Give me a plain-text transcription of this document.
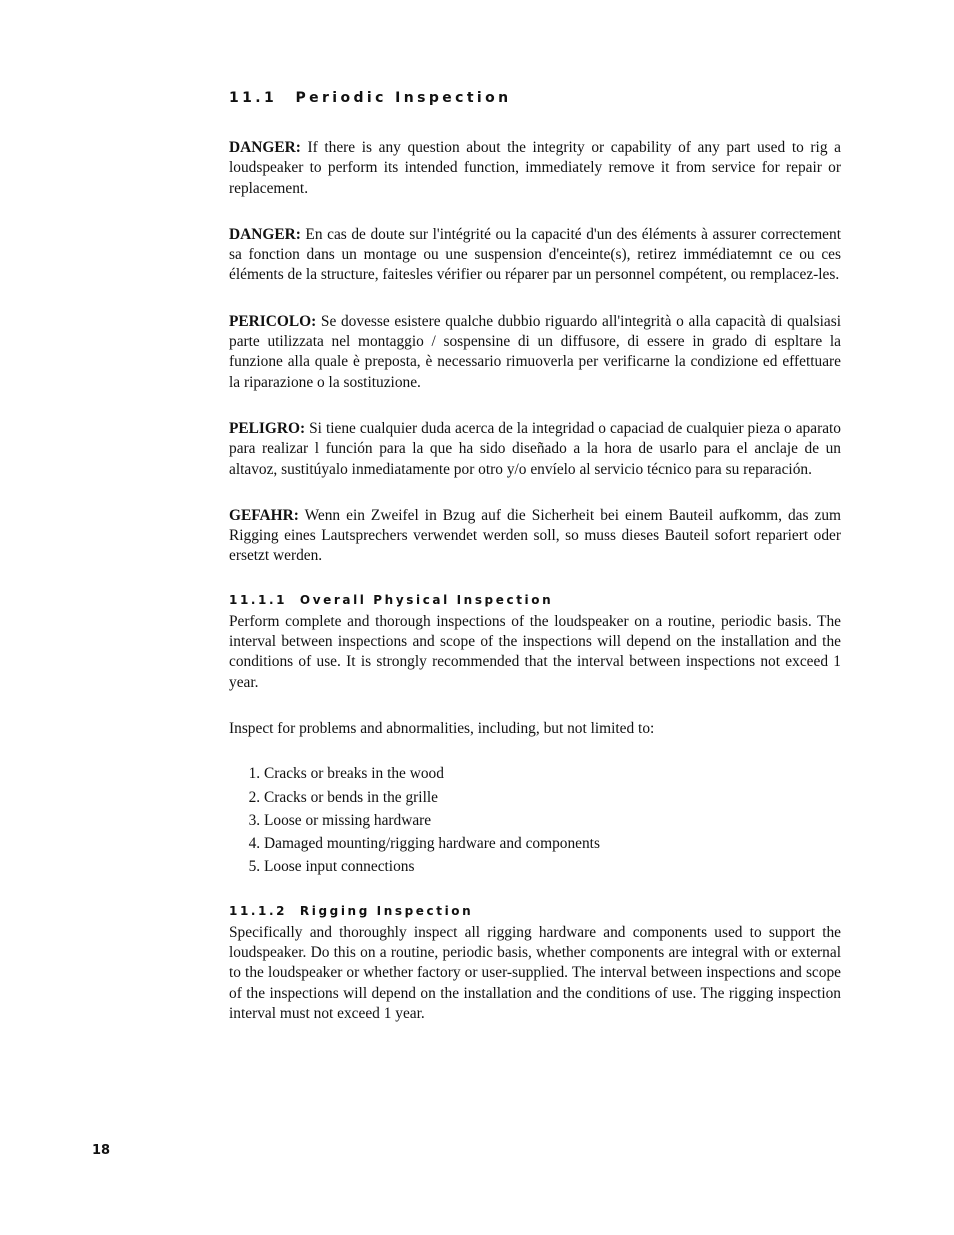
11.1 Periodic Inspection

DANGER: If there is any question about the integrity or capability of any part used to rig a loudspeaker to perform its intended function, immediately remove it from service for repair or replacement.

DANGER: En cas de doute sur l'intégrité ou la capacité d'un des éléments à assurer correctement sa fonction dans un montage ou une suspension d'enceinte(s), retirez immédiatemnt ce ou ces éléments de la structure, faitesles vérifier ou réparer par un personnel compétent, ou remplacez-les.

PERICOLO: Se dovesse esistere qualche dubbio riguardo all'integrità o alla capacità di qualsiasi parte utilizzata nel montaggio / sospensine di un diffusore, di essere in grado di espltare la funzione alla quale è preposta, è necessario rimuoverla per verificarne la condizione ed effettuare la riparazione o la sostituzione.

PELIGRO: Si tiene cualquier duda acerca de la integridad o capaciad de cualquier pieza o aparato para realizar l función para la que ha sido diseñado a la hora de usarlo para el anclaje de un altavoz, sustitúyalo inmediatamente por otro y/o envíelo al servicio técnico para su reparación.

GEFAHR: Wenn ein Zweifel in Bzug auf die Sicherheit bei einem Bauteil aufkomm, das zum Rigging eines Lautsprechers verwendet werden soll, so muss dieses Bauteil sofort repariert oder ersetzt werden.

11.1.1 Overall Physical Inspection

Perform complete and thorough inspections of the loudspeaker on a routine, periodic basis. The interval between inspections and scope of the inspections will depend on the installation and the conditions of use. It is strongly recommended that the interval between inspections not exceed 1 year.

Inspect for problems and abnormalities, including, but not limited to:

1. Cracks or breaks in the wood
2. Cracks or bends in the grille
3. Loose or missing hardware
4. Damaged mounting/rigging hardware and components
5. Loose input connections
11.1.2 Rigging Inspection

Specifically and thoroughly inspect all rigging hardware and components used to support the loudspeaker. Do this on a routine, periodic basis, whether components are integral with or external to the loudspeaker or whether factory or user-supplied. The interval between inspections and scope of the inspections will depend on the installation and the conditions of use. The rigging inspection interval must not exceed 1 year.

18
